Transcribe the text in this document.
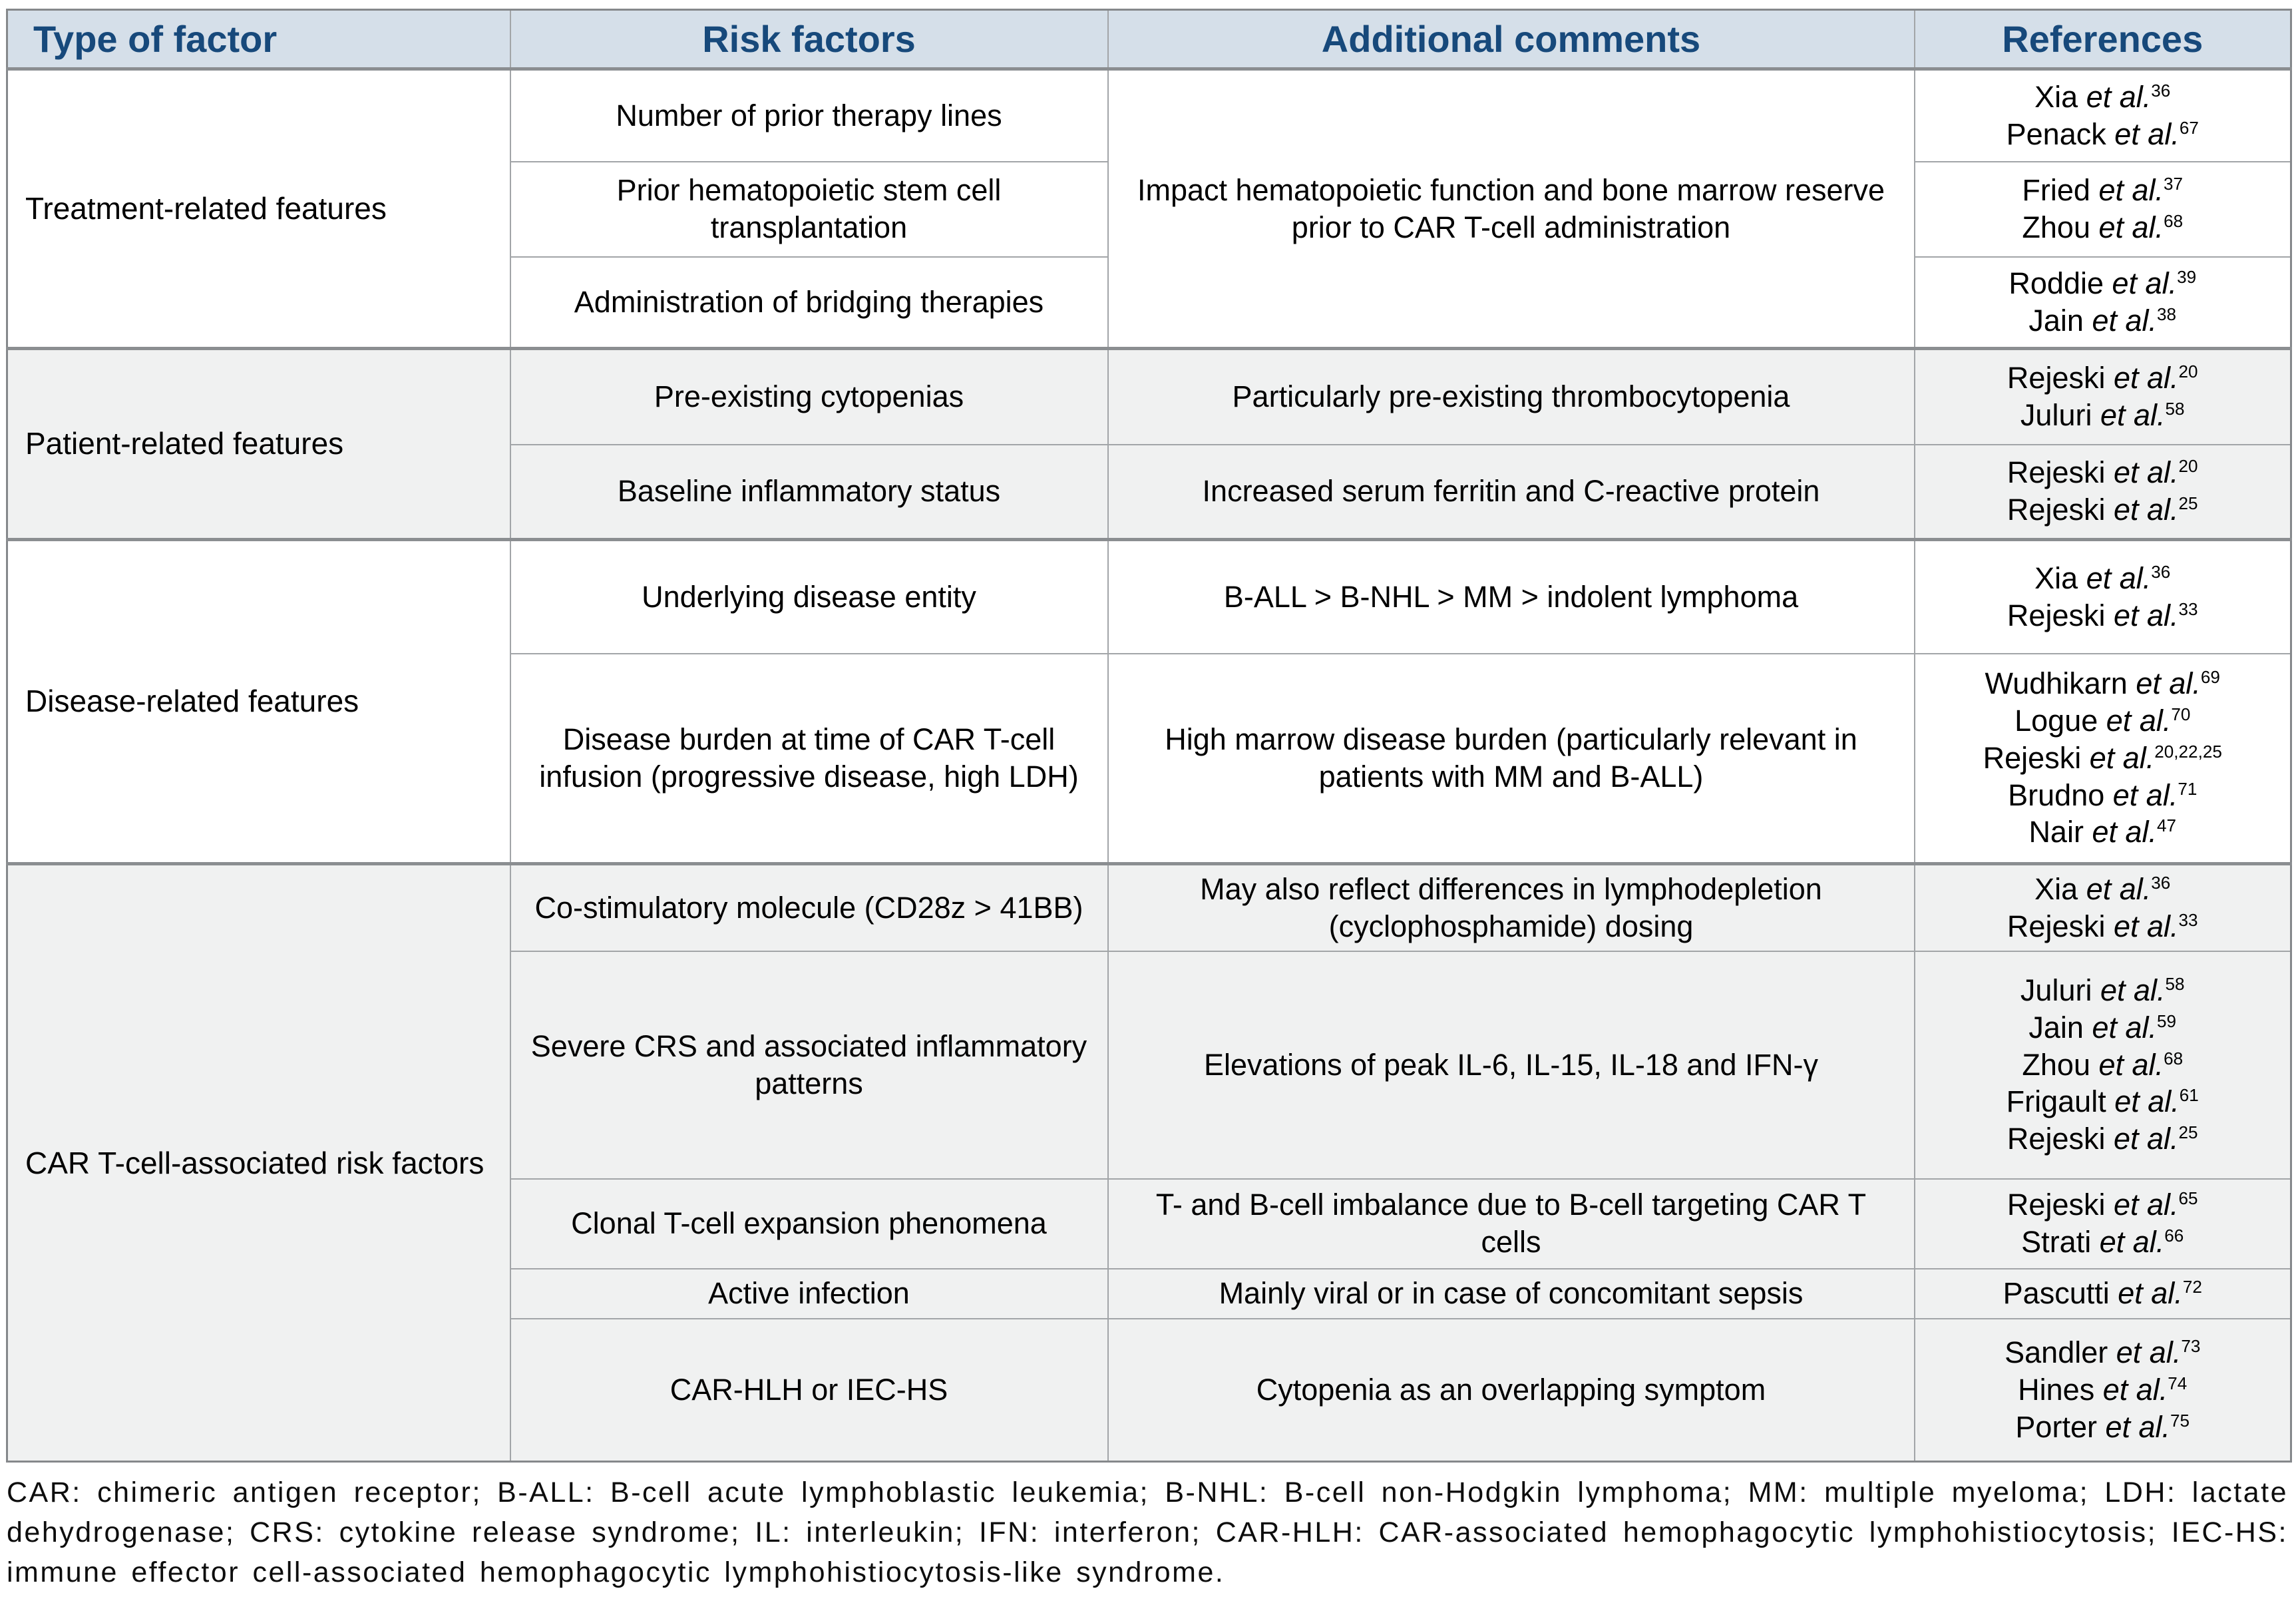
Type of factor	Risk factors	Additional comments	References
Treatment-related features	Number of prior therapy lines	Impact hematopoietic function and bone marrow reserve prior to CAR T-cell administration	Xia et al.$^{36}$
Penack et al.$^{67}$

	Prior hematopoietic stem cell transplantation		Fried et al.$^{37}$
Zhou et al.$^{68}$

	Administration of bridging therapies		Roddie et al.$^{39}$
Jain et al.$^{38}$

Patient-related features	Pre-existing cytopenias	Particularly pre-existing thrombocytopenia	Rejeski et al.$^{20}$
Juluri et al.$^{58}$

	Baseline inflammatory status	Increased serum ferritin and C-reactive protein	Rejeski et al.$^{20}$
Rejeski et al.$^{25}$

Disease-related features	Underlying disease entity	B-ALL > B-NHL > MM > indolent lymphoma	Xia et al.$^{36}$
Rejeski et al.$^{33}$

	Disease burden at time of CAR T-cell infusion (progressive disease, high LDH)	High marrow disease burden (particularly relevant in patients with MM and B-ALL)	Wudhikarn et al.$^{69}$
Logue et al.$^{70}$
Rejeski et al.$^{20,22,25}$
Brudno et al.$^{71}$
Nair et al.$^{47}$

CAR T-cell-associated risk factors	Co-stimulatory molecule (CD28z > 41BB)	May also reflect differences in lymphodepletion (cyclophosphamide) dosing	Xia et al.$^{36}$
Rejeski et al.$^{33}$

	Severe CRS and associated inflammatory patterns	Elevations of peak IL-6, IL-15, IL-18 and IFN-γ	Juluri et al.$^{58}$
Jain et al.$^{59}$
Zhou et al.$^{68}$
Frigault et al.$^{61}$
Rejeski et al.$^{25}$

	Clonal T-cell expansion phenomena	T- and B-cell imbalance due to B-cell targeting CAR T cells	Rejeski et al.$^{65}$
Strati et al.$^{66}$

	Active infection	Mainly viral or in case of concomitant sepsis	Pascutti et al.$^{72}$

	CAR-HLH or IEC-HS	Cytopenia as an overlapping symptom	Sandler et al.$^{73}$
Hines et al.$^{74}$
Porter et al.$^{75}$
CAR: chimeric antigen receptor; B-ALL: B-cell acute lymphoblastic leukemia; B-NHL: B-cell non-Hodgkin lymphoma; MM: multiple myeloma; LDH: lactate dehydrogenase; CRS: cytokine release syndrome; IL: interleukin; IFN: interferon; CAR-HLH: CAR-associated hemophagocytic lymphohistiocytosis; IEC-HS: immune effector cell-associated hemophagocytic lymphohistiocytosis-like syndrome.
